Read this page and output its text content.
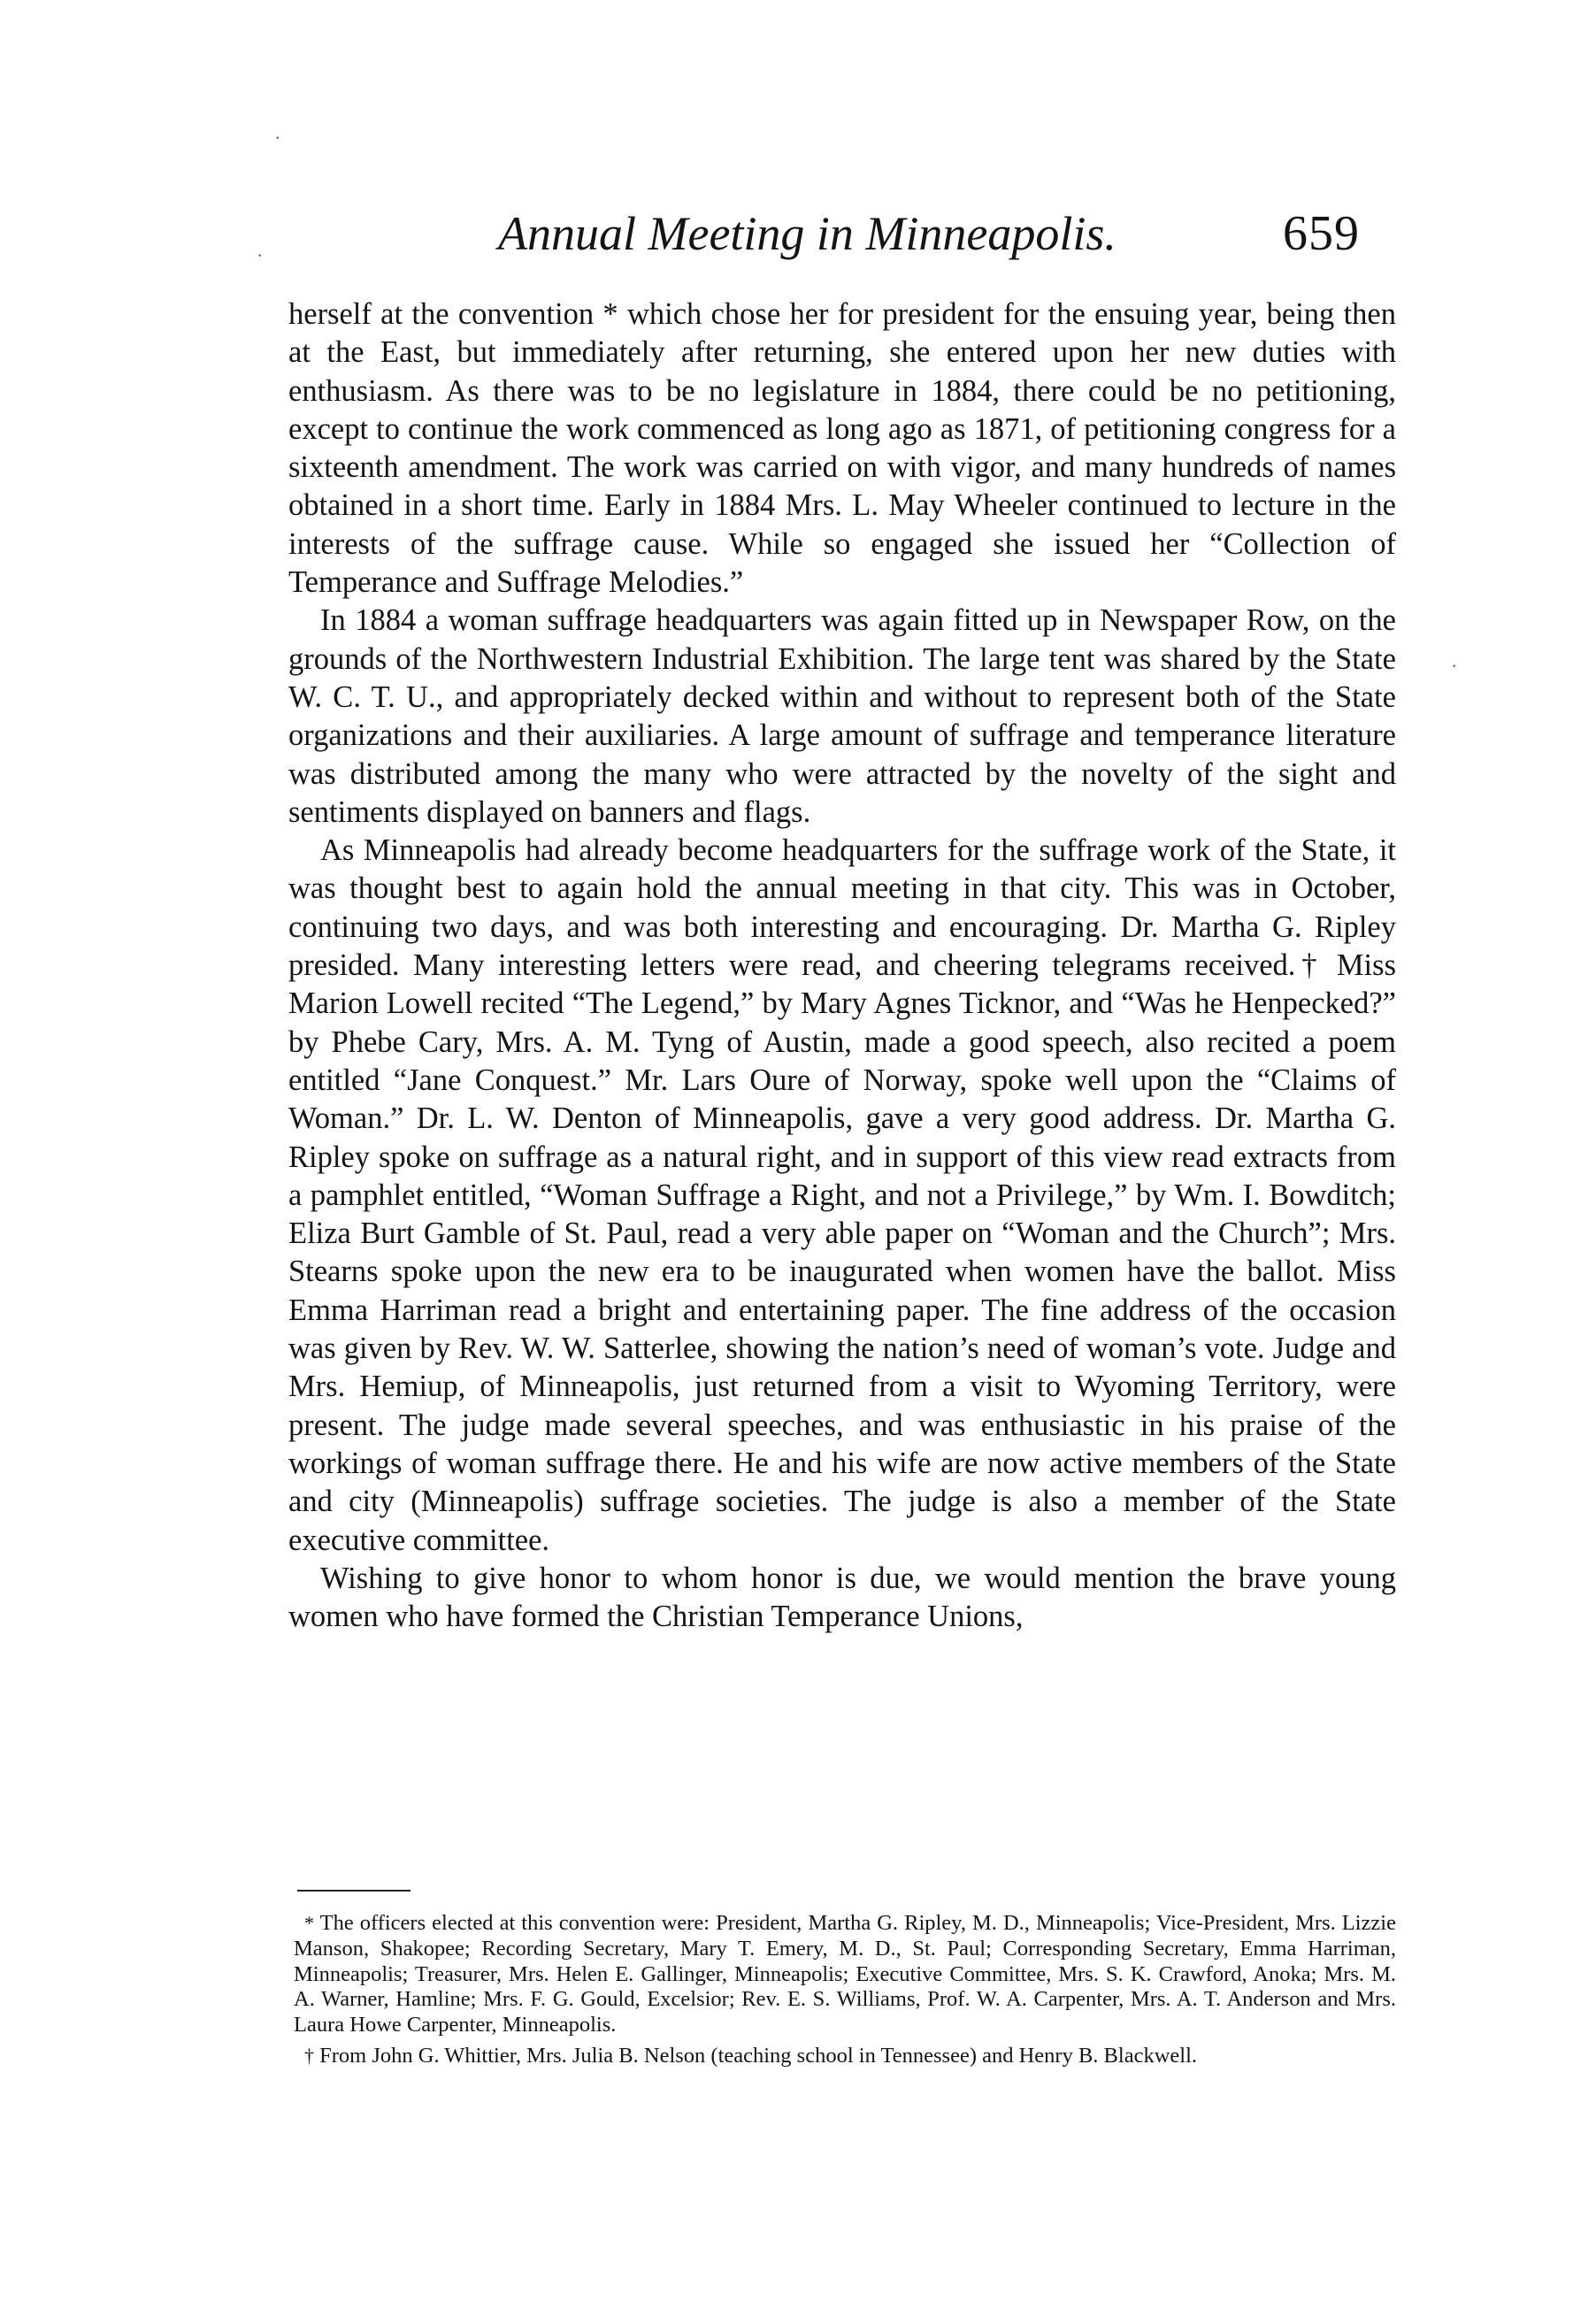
Annual Meeting in Minneapolis.	659

herself at the convention * which chose her for president for the ensuing year, being then at the East, but immediately after returning, she entered upon her new duties with enthusiasm. As there was to be no legislature in 1884, there could be no petitioning, except to continue the work commenced as long ago as 1871, of petitioning congress for a sixteenth amendment. The work was carried on with vigor, and many hundreds of names obtained in a short time. Early in 1884 Mrs. L. May Wheeler continued to lecture in the interests of the suffrage cause. While so engaged she issued her “Collection of Temperance and Suffrage Melodies.”

In 1884 a woman suffrage headquarters was again fitted up in Newspaper Row, on the grounds of the Northwestern Industrial Exhibition. The large tent was shared by the State W. C. T. U., and appropriately decked within and without to represent both of the State organizations and their auxiliaries. A large amount of suffrage and temperance literature was distributed among the many who were attracted by the novelty of the sight and sentiments displayed on banners and flags.

As Minneapolis had already become headquarters for the suffrage work of the State, it was thought best to again hold the annual meeting in that city. This was in October, continuing two days, and was both interesting and encouraging. Dr. Martha G. Ripley presided. Many interesting letters were read, and cheering telegrams received.† Miss Marion Lowell recited “The Legend,” by Mary Agnes Ticknor, and “Was he Henpecked?” by Phebe Cary, Mrs. A. M. Tyng of Austin, made a good speech, also recited a poem entitled “Jane Conquest.” Mr. Lars Oure of Norway, spoke well upon the “Claims of Woman.” Dr. L. W. Denton of Minneapolis, gave a very good address. Dr. Martha G. Ripley spoke on suffrage as a natural right, and in support of this view read extracts from a pamphlet entitled, “Woman Suffrage a Right, and not a Privilege,” by Wm. I. Bowditch; Eliza Burt Gamble of St. Paul, read a very able paper on “Woman and the Church”; Mrs. Stearns spoke upon the new era to be inaugurated when women have the ballot. Miss Emma Harriman read a bright and entertaining paper. The fine address of the occasion was given by Rev. W. W. Satterlee, showing the nation’s need of woman’s vote. Judge and Mrs. Hemiup, of Minneapolis, just returned from a visit to Wyoming Territory, were present. The judge made several speeches, and was enthusiastic in his praise of the workings of woman suffrage there. He and his wife are now active members of the State and city (Minneapolis) suffrage societies. The judge is also a member of the State executive committee.

Wishing to give honor to whom honor is due, we would mention the brave young women who have formed the Christian Temperance Unions,

* The officers elected at this convention were: President, Martha G. Ripley, M. D., Minneapolis; Vice-President, Mrs. Lizzie Manson, Shakopee; Recording Secretary, Mary T. Emery, M. D., St. Paul; Corresponding Secretary, Emma Harriman, Minneapolis; Treasurer, Mrs. Helen E. Gallinger, Minneapolis; Executive Committee, Mrs. S. K. Crawford, Anoka; Mrs. M. A. Warner, Hamline; Mrs. F. G. Gould, Excelsior; Rev. E. S. Williams, Prof. W. A. Carpenter, Mrs. A. T. Anderson and Mrs. Laura Howe Carpenter, Minneapolis.

† From John G. Whittier, Mrs. Julia B. Nelson (teaching school in Tennessee) and Henry B. Blackwell.

·
·
·
